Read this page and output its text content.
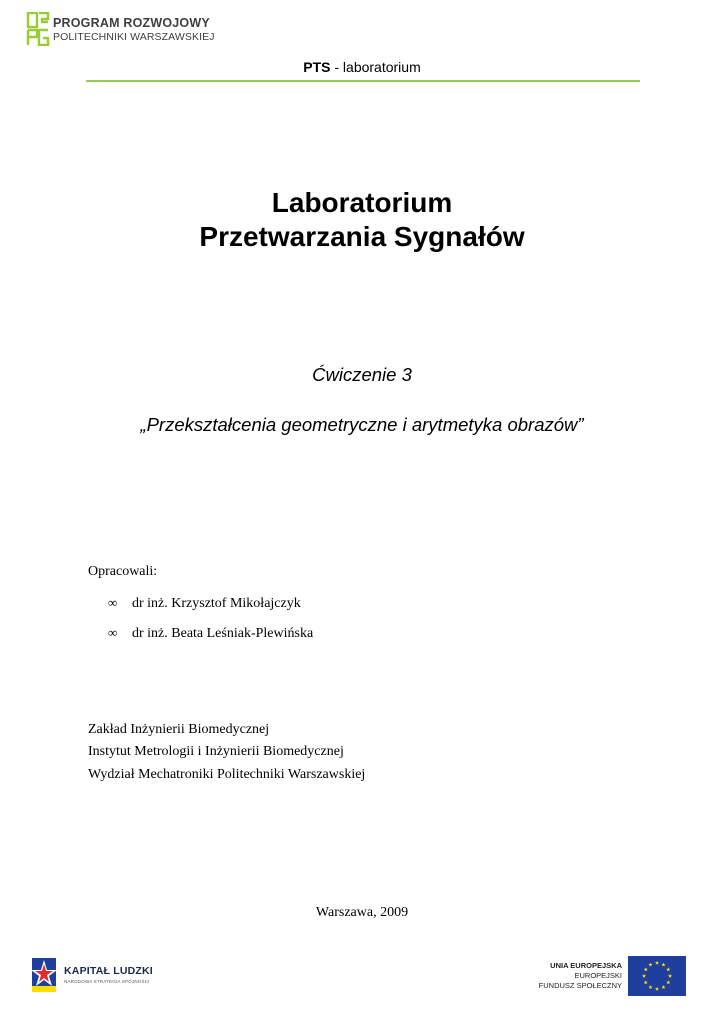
PROGRAM ROZWOJOWY
POLITECHNIKI WARSZAWSKIEJ
PTS - laboratorium
Laboratorium
Przetwarzania Sygnałów
Ćwiczenie 3
„Przekształcenia geometryczne i arytmetyka obrazów”
Opracowali:
∞ dr inż. Krzysztof Mikołajczyk
∞ dr inż. Beata Leśniak-Plewińska
Zakład Inżynierii Biomedycznej
Instytut Metrologii i Inżynierii Biomedycznej
Wydział Mechatroniki Politechniki Warszawskiej
Warszawa, 2009
KAPITAŁ LUDZKI
NARODOWA STRATEGIA SPÓJNOŚCI
UNIA EUROPEJSKA
EUROPEJSKI
FUNDUSZ SPOŁECZNY
